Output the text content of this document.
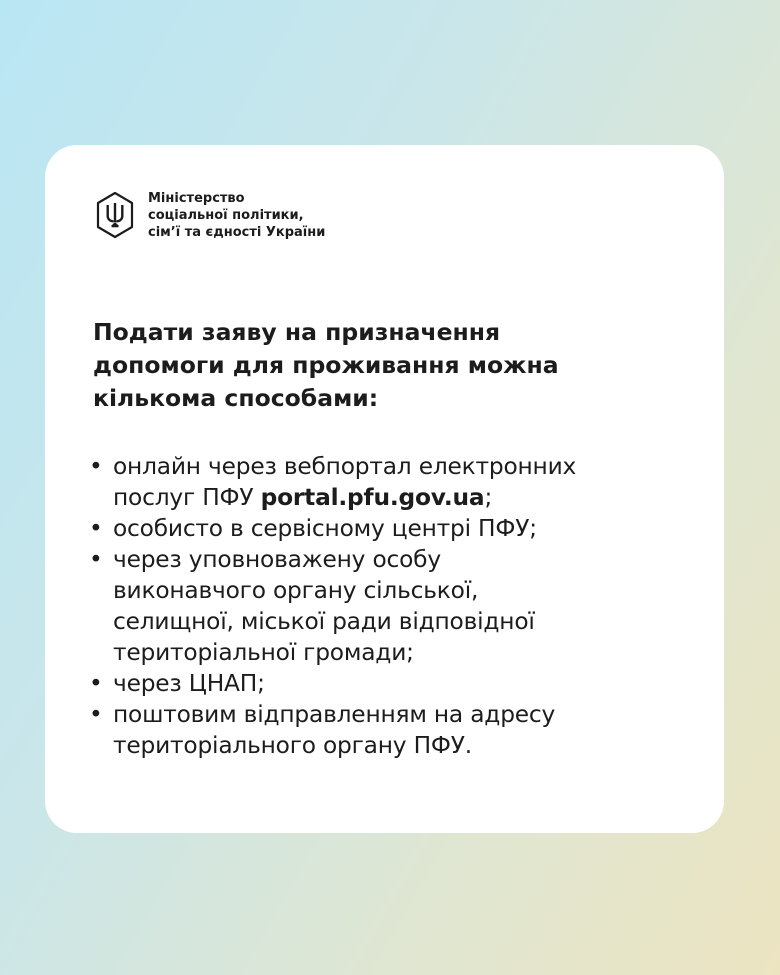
Міністерство
соціальної політики,
сім’ї та єдності України
Подати заяву на призначення
допомоги для проживання можна
кількома способами:
• онлайн через вебпортал електронних
послуг ПФУ portal.pfu.gov.ua;
• особисто в сервісному центрі ПФУ;
• через уповноважену особу
виконавчого органу сільської,
селищної, міської ради відповідної
територіальної громади;
• через ЦНАП;
• поштовим відправленням на адресу
територіального органу ПФУ.
